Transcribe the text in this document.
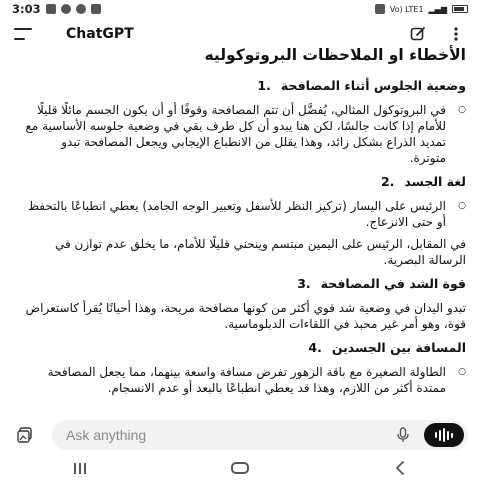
3:03	Vo) LTE1 ▂▄▆
ChatGPT
الأخطاء او الملاحظات البروتوكوليه
وضعية الجلوس أثناء المصافحة
1.

○ في البروتوكول المثالي، يُفضَّل أن تتم المصافحة وقوفًا أو أن يكون الجسم مائلًا قليلًا للأمام إذا كانت جالسًا، لكن هنا يبدو أن كل طرف بقي في وضعية جلوسه الأساسية مع تمديد الذراع بشكل زائد، وهذا يقلل من الانطباع الإيجابي ويجعل المصافحة تبدو متوترة.

لغة الجسد
2.

○ الرئيس على اليسار (تركيز النظر للأسفل وتعبير الوجه الجامد) يعطي انطباعًا بالتحفظ أو حتى الانزعاج.

في المقابل، الرئيس على اليمين مبتسم وينحني قليلًا للأمام، ما يخلق عدم توازن في الرسالة البصرية.

قوة الشد في المصافحة
3.

تبدو اليدان في وضعية شد قوي أكثر من كونها مصافحة مريحة، وهذا أحيانًا يُقرأ كاستعراض قوة، وهو أمر غير محبذ في اللقاءات الدبلوماسية.

المسافة بين الجسدين
4.

○ الطاولة الصغيرة مع باقة الزهور تفرض مسافة واسعة بينهما، مما يجعل المصافحة ممتدة أكثر من اللازم، وهذا قد يعطي انطباعًا بالبعد أو عدم الانسجام.

Ask anything
